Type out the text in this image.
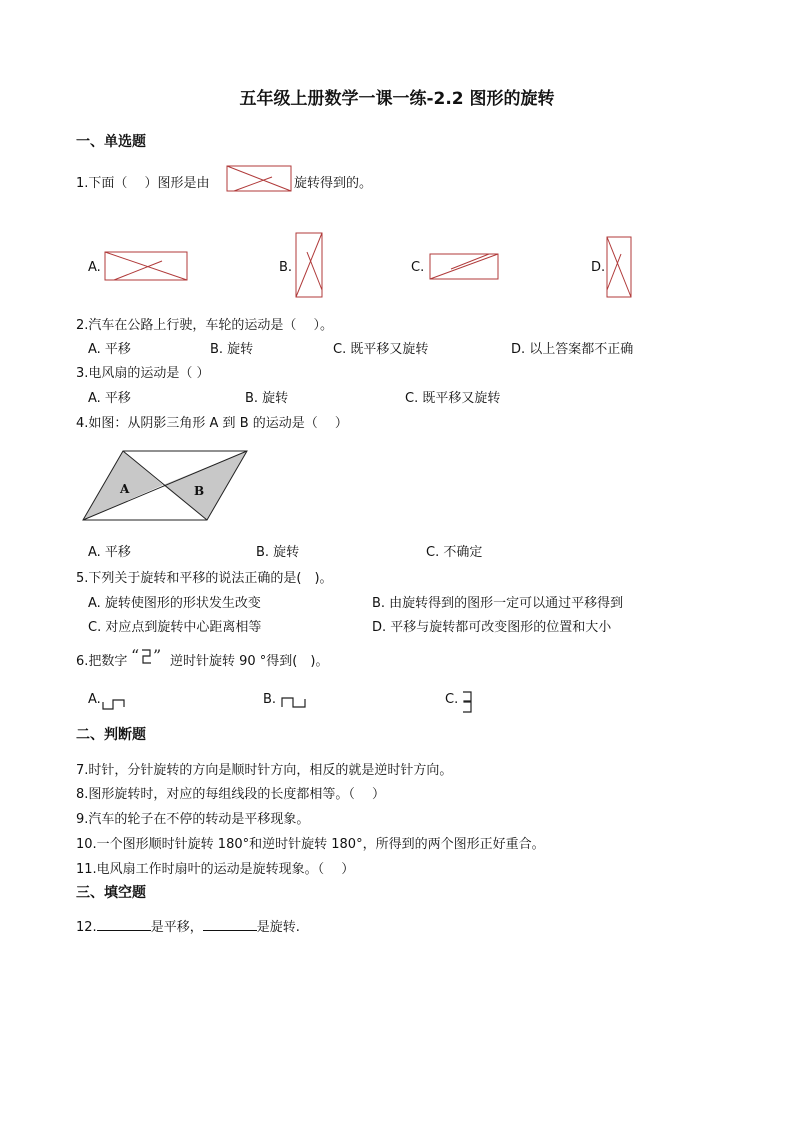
五年级上册数学一课一练-2.2 图形的旋转
一、单选题
1.下面（　 ）图形是由	旋转得到的。
A.	B.	C.	D.
2.汽车在公路上行驶，车轮的运动是（　 ）。
A. 平移	B. 旋转	C. 既平移又旋转	D. 以上答案都不正确
3.电风扇的运动是（ ）
A. 平移	B. 旋转	C. 既平移又旋转
4.如图：从阴影三角形 A 到 B 的运动是（　 ）
A	B
A. 平移	B. 旋转	C. 不确定
5.下列关于旋转和平移的说法正确的是(　)。
A. 旋转使图形的形状发生改变	B. 由旋转得到的图形一定可以通过平移得到
C. 对应点到旋转中心距离相等	D. 平移与旋转都可改变图形的位置和大小
6.把数字 “ ” 逆时针旋转 90 °得到(　)。
A.	B.	C.
二、判断题
7.时针，分针旋转的方向是顺时针方向，相反的就是逆时针方向。
8.图形旋转时，对应的每组线段的长度都相等。（　 ）
9.汽车的轮子在不停的转动是平移现象。
10.一个图形顺时针旋转 180°和逆时针旋转 180°，所得到的两个图形正好重合。
11.电风扇工作时扇叶的运动是旋转现象。（　 ）
三、填空题
12.	是平移，	是旋转.
